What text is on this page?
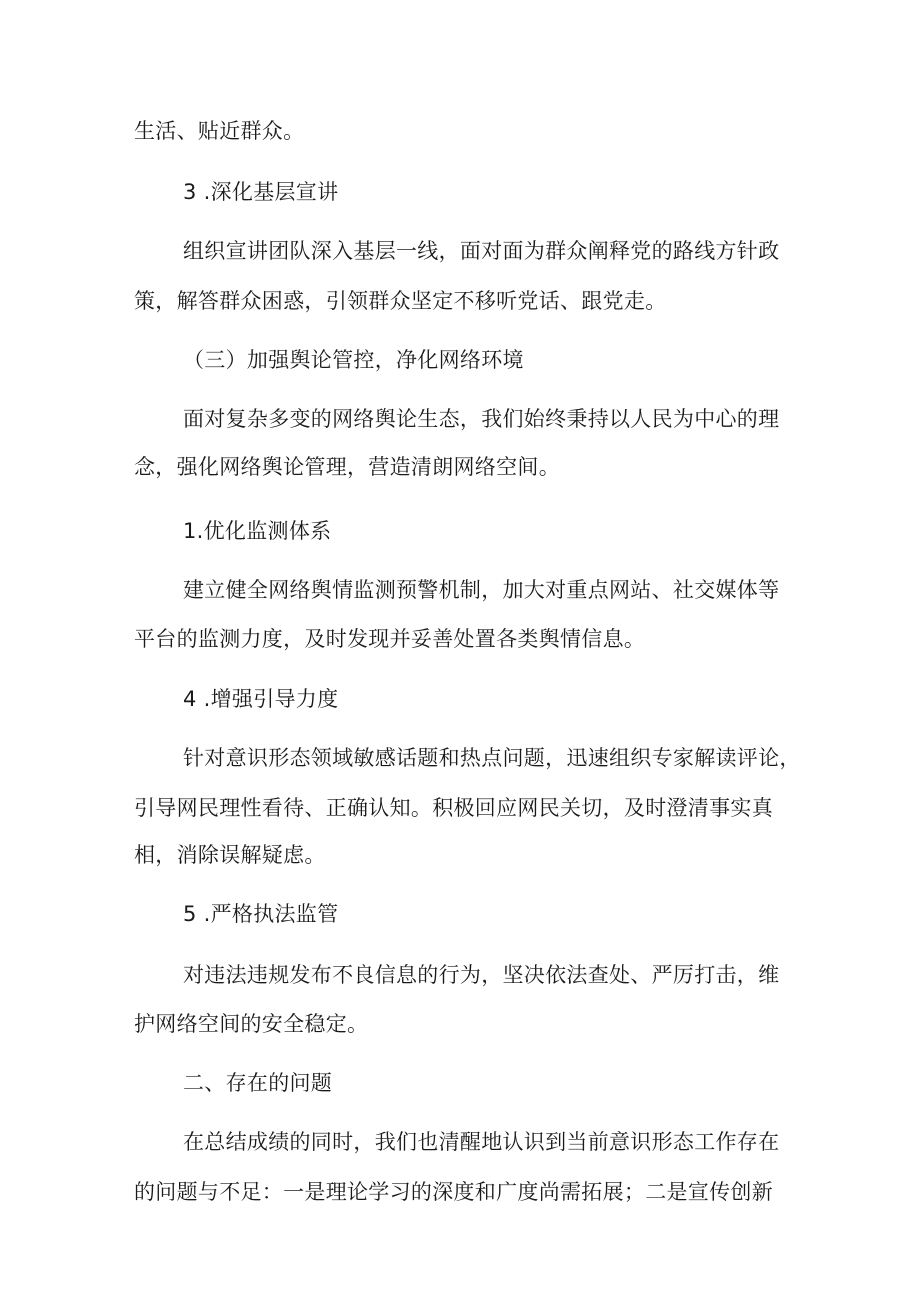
生活、贴近群众。
3 .深化基层宣讲
组织宣讲团队深入基层一线，面对面为群众阐释党的路线方针政
策，解答群众困惑，引领群众坚定不移听党话、跟党走。
（三）加强舆论管控，净化网络环境
面对复杂多变的网络舆论生态，我们始终秉持以人民为中心的理
念，强化网络舆论管理，营造清朗网络空间。
1.优化监测体系
建立健全网络舆情监测预警机制，加大对重点网站、社交媒体等
平台的监测力度，及时发现并妥善处置各类舆情信息。
4 .增强引导力度
针对意识形态领域敏感话题和热点问题，迅速组织专家解读评论，
引导网民理性看待、正确认知。积极回应网民关切，及时澄清事实真
相，消除误解疑虑。
5 .严格执法监管
对违法违规发布不良信息的行为，坚决依法查处、严厉打击，维
护网络空间的安全稳定。
二、存在的问题
在总结成绩的同时，我们也清醒地认识到当前意识形态工作存在
的问题与不足：一是理论学习的深度和广度尚需拓展；二是宣传创新
